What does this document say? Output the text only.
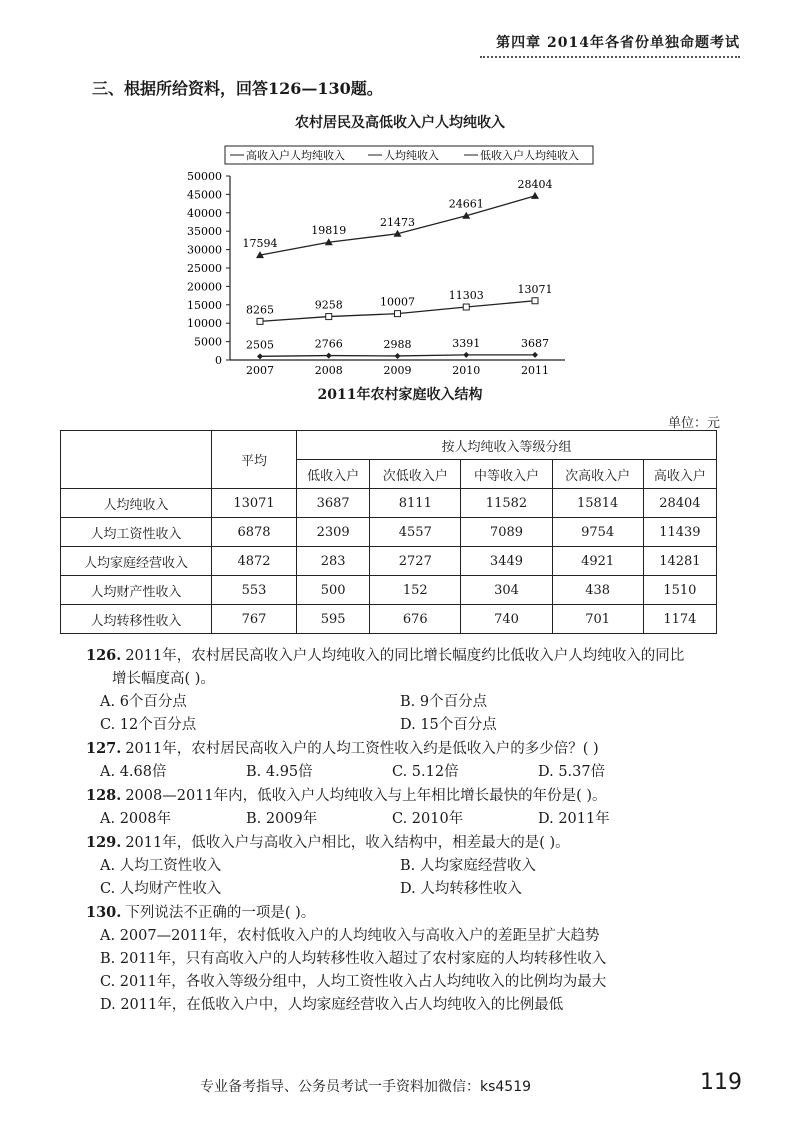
第四章 2014年各省份单独命题考试
三、根据所给资料，回答126—130题。
农村居民及高低收入户人均纯收入
0
5000
10000
15000
20000
25000
30000
35000
40000
45000
50000
2007	2008	2009	2010	2011
高收入户人均纯收入	人均纯收入	低收入户人均纯收入
17594
19819
21473
24661
28404
8265	9258	10007
11303	13071
2505	2766	2988	3391	3687
2011年农村家庭收入结构
单位：元
	平均	按人均纯收入等级分组				
		低收入户	次低收入户	中等收入户	次高收入户	高收入户
人均纯收入	13071	3687	8111	11582	15814	28404
人均工资性收入	6878	2309	4557	7089	9754	11439
人均家庭经营收入	4872	283	2727	3449	4921	14281
人均财产性收入	553	500	152	304	438	1510
人均转移性收入	767	595	676	740	701	1174
126. 2011年，农村居民高收入户人均纯收入的同比增长幅度约比低收入户人均纯收入的同比
增长幅度高( )。
A. 6个百分点	B. 9个百分点
C. 12个百分点	D. 15个百分点
127. 2011年，农村居民高收入户的人均工资性收入约是低收入户的多少倍？( )
A. 4.68倍	B. 4.95倍	C. 5.12倍	D. 5.37倍
128. 2008—2011年内，低收入户人均纯收入与上年相比增长最快的年份是( )。
A. 2008年	B. 2009年	C. 2010年	D. 2011年
129. 2011年，低收入户与高收入户相比，收入结构中，相差最大的是( )。
A. 人均工资性收入	B. 人均家庭经营收入
C. 人均财产性收入	D. 人均转移性收入
130. 下列说法不正确的一项是( )。
A. 2007—2011年，农村低收入户的人均纯收入与高收入户的差距呈扩大趋势
B. 2011年，只有高收入户的人均转移性收入超过了农村家庭的人均转移性收入
C. 2011年，各收入等级分组中，人均工资性收入占人均纯收入的比例均为最大
D. 2011年，在低收入户中，人均家庭经营收入占人均纯收入的比例最低
专业备考指导、公务员考试一手资料加微信：ks4519	119
